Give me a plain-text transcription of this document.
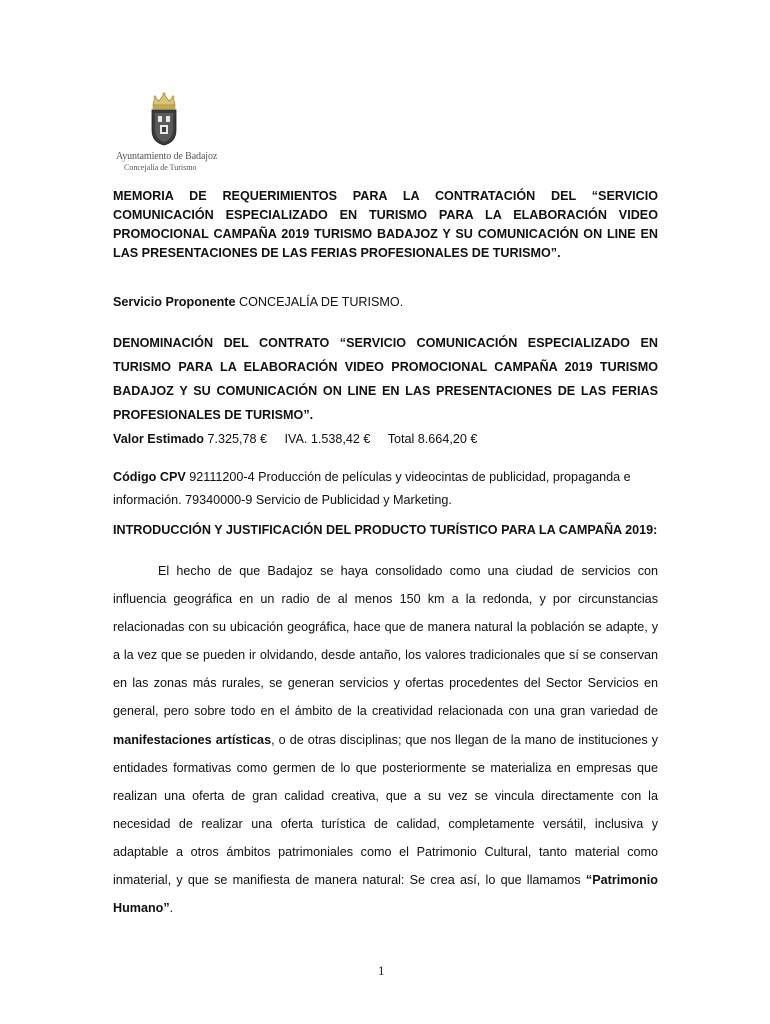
Ayuntamiento de Badajoz
Concejalía de Turismo
MEMORIA DE REQUERIMIENTOS PARA LA CONTRATACIÓN DEL “SERVICIO COMUNICACIÓN ESPECIALIZADO EN TURISMO PARA LA ELABORACIÓN VIDEO PROMOCIONAL CAMPAÑA 2019 TURISMO BADAJOZ Y SU COMUNICACIÓN ON LINE EN LAS PRESENTACIONES DE LAS FERIAS PROFESIONALES DE TURISMO”.
Servicio Proponente CONCEJALÍA DE TURISMO.
DENOMINACIÓN DEL CONTRATO “SERVICIO COMUNICACIÓN ESPECIALIZADO EN TURISMO PARA LA ELABORACIÓN VIDEO PROMOCIONAL CAMPAÑA 2019 TURISMO BADAJOZ Y SU COMUNICACIÓN ON LINE EN LAS PRESENTACIONES DE LAS FERIAS PROFESIONALES DE TURISMO”.
Valor Estimado 7.325,78 € IVA. 1.538,42 € Total 8.664,20 €
Código CPV 92111200-4 Producción de películas y videocintas de publicidad, propaganda e información. 79340000-9 Servicio de Publicidad y Marketing.
INTRODUCCIÓN Y JUSTIFICACIÓN DEL PRODUCTO TURÍSTICO PARA LA CAMPAÑA 2019:
El hecho de que Badajoz se haya consolidado como una ciudad de servicios con influencia geográfica en un radio de al menos 150 km a la redonda, y por circunstancias relacionadas con su ubicación geográfica, hace que de manera natural la población se adapte, y a la vez que se pueden ir olvidando, desde antaño, los valores tradicionales que sí se conservan en las zonas más rurales, se generan servicios y ofertas procedentes del Sector Servicios en general, pero sobre todo en el ámbito de la creatividad relacionada con una gran variedad de manifestaciones artísticas, o de otras disciplinas; que nos llegan de la mano de instituciones y entidades formativas como germen de lo que posteriormente se materializa en empresas que realizan una oferta de gran calidad creativa, que a su vez se vincula directamente con la necesidad de realizar una oferta turística de calidad, completamente versátil, inclusiva y adaptable a otros ámbitos patrimoniales como el Patrimonio Cultural, tanto material como inmaterial, y que se manifiesta de manera natural: Se crea así, lo que llamamos “Patrimonio Humano”.
1
